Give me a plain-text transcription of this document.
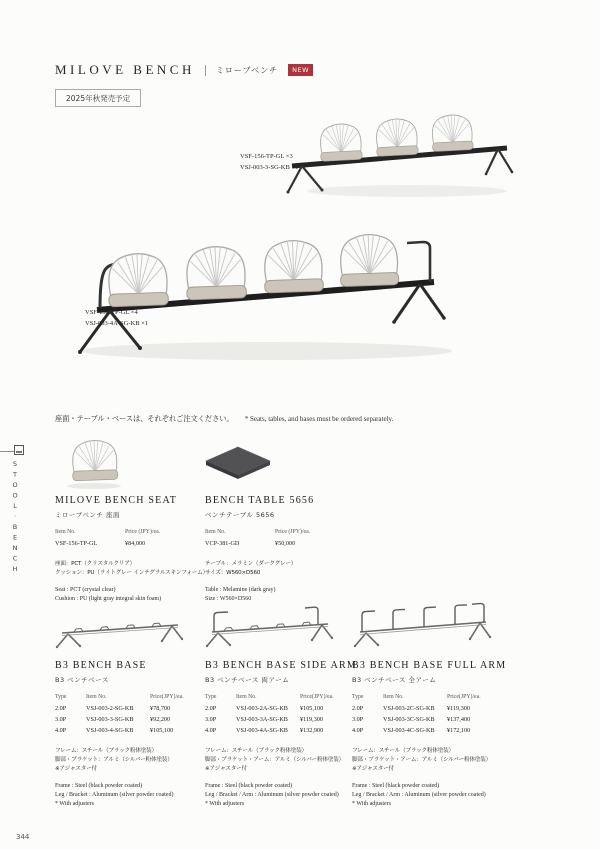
MILOVE BENCH	ミローブベンチ	NEW
2025年秋発売予定
VSF-156-TP-GL ×3
VSJ-003-3-SG-KB ×1
VSF-156-TP-GL ×4
VSJ-003-4A-SG-KB ×1
座面・テーブル・ベースは、それぞれご注文ください。 * Seats, tables, and bases must be ordered separately.
STOOL·BENCH	MILOVE BENCH SEAT
ミローブベンチ 座面
Item No.	Price (JPY)/ea.
VSF-156-TP-GL	¥84,000
座面：PCT（クリスタルクリア）
クッション：PU（ライトグレー インテグラルスキンフォーム）
Seat : PCT (crystal clear)
Cushion : PU (light gray integral skin foam)
BENCH TABLE 5656
ベンチテーブル 5656
Item No.	Price (JPY)/ea.
VCP-381-GD	¥50,000
テーブル：メラミン（ダークグレー）
サイズ：W560×D560
Table : Melamine (dark gray)
Size : W560×D560
B3 BENCH BASE
B3 ベンチベース
Type	Item No.	Price(JPY)/ea.
2.0P	VSJ-003-2-SG-KB	¥78,700
3.0P	VSJ-003-3-SG-KB	¥92,200
4.0P	VSJ-003-4-SG-KB	¥105,100
フレーム：スチール（ブラック粉体塗装）
脚部・ブラケット：アルミ（シルバー粉体塗装）
※アジャスター付
Frame : Steel (black powder coated)
Leg / Bracket : Aluminum (silver powder coated)
* With adjusters
B3 BENCH BASE SIDE ARM
B3 ベンチベース 両アーム
Type	Item No.	Price(JPY)/ea.
2.0P	VSJ-003-2A-SG-KB	¥105,100
3.0P	VSJ-003-3A-SG-KB	¥119,300
4.0P	VSJ-003-4A-SG-KB	¥132,900
フレーム：スチール（ブラック粉体塗装）
脚部・ブラケット・アーム：アルミ（シルバー粉体塗装）
※アジャスター付
Frame : Steel (black powder coated)
Leg / Bracket / Arm : Aluminum (silver powder coated)
* With adjusters
B3 BENCH BASE FULL ARM
B3 ベンチベース 全アーム
Type	Item No.	Price(JPY)/ea.
2.0P	VSJ-003-2C-SG-KB	¥119,300
3.0P	VSJ-003-3C-SG-KB	¥137,400
4.0P	VSJ-003-4C-SG-KB	¥172,100
フレーム：スチール（ブラック粉体塗装）
脚部・ブラケット・アーム：アルミ（シルバー粉体塗装）
※アジャスター付
Frame : Steel (black powder coated)
Leg / Bracket / Arm : Aluminum (silver powder coated)
* With adjusters
344
